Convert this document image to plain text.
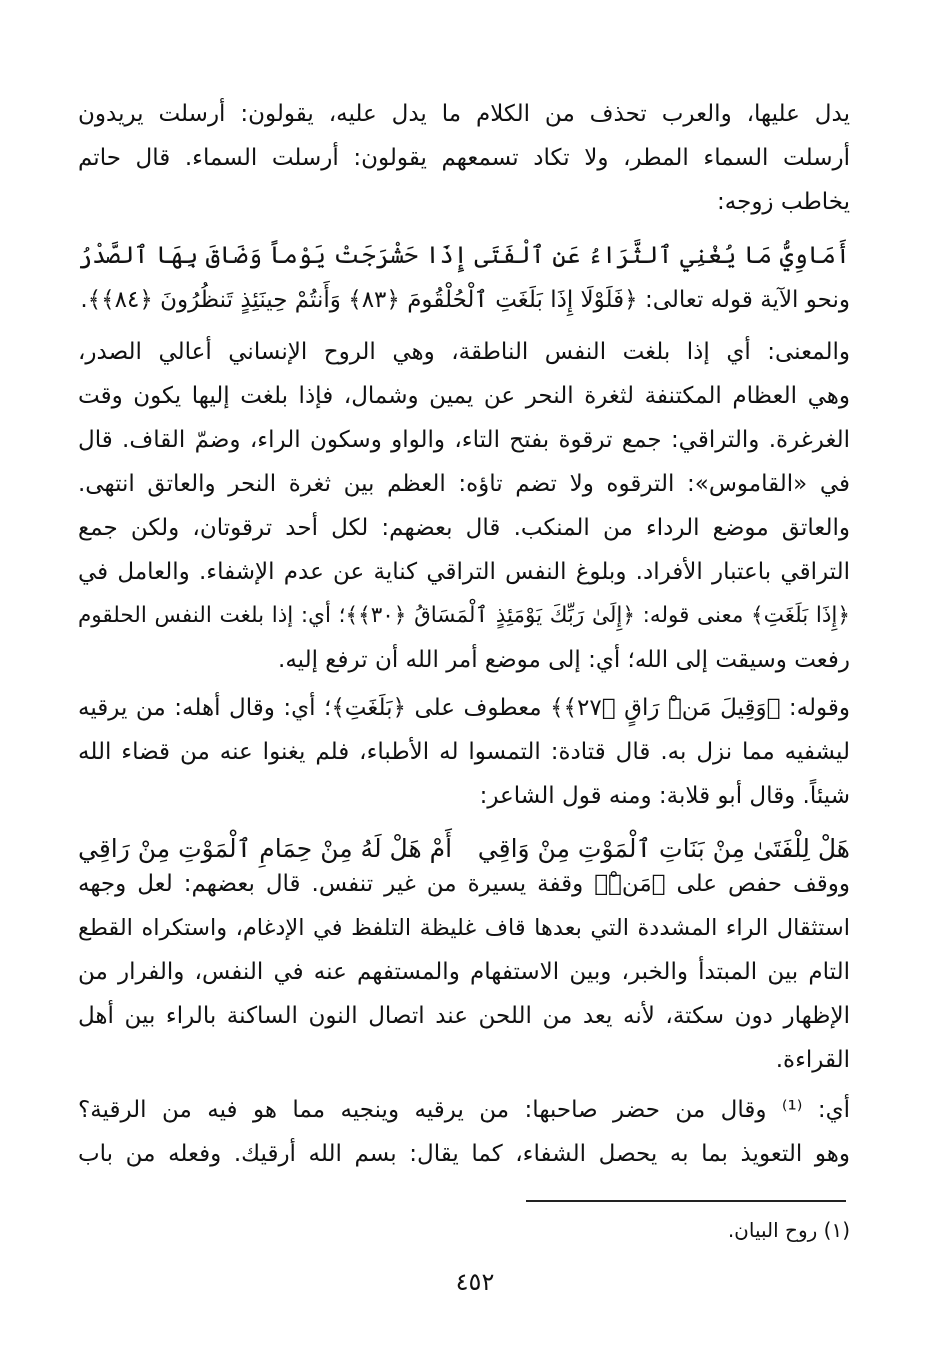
يدل عليها، والعرب تحذف من الكلام ما يدل عليه، يقولون: أرسلت يريدون
أرسلت السماء المطر، ولا تكاد تسمعهم يقولون: أرسلت السماء. قال حاتم
يخاطب زوجه:
أَمَاوِيُّ مَا يُغْنِي ٱلثَّرَاءُ عَنِ ٱلْفَتَى
إِذَا حَشْرَجَتْ يَوْماً وَضَاقَ بِهَا ٱلصَّدْرُ
ونحو الآية قوله تعالى: ﴿فَلَوْلَا إِذَا بَلَغَتِ ٱلْحُلْقُومَ ﴿٨٣﴾ وَأَنتُمْ حِينَئِذٍ تَنظُرُونَ ﴿٨٤﴾﴾.
والمعنى: أي إذا بلغت النفس الناطقة، وهي الروح الإنساني أعالي الصدر،
وهي العظام المكتنفة لثغرة النحر عن يمين وشمال، فإذا بلغت إليها يكون وقت
الغرغرة. والتراقي: جمع ترقوة بفتح التاء، والواو وسكون الراء، وضمّ القاف. قال
في «القاموس»: الترقوه ولا تضم تاؤه: العظم بين ثغرة النحر والعاتق انتهى.
والعاتق موضع الرداء من المنكب. قال بعضهم: لكل أحد ترقوتان، ولكن جمع
التراقي باعتبار الأفراد. وبلوغ النفس التراقي كناية عن عدم الإشفاء. والعامل في
﴿إِذَا بَلَغَتِ﴾ معنى قوله: ﴿إِلَىٰ رَبِّكَ يَوْمَئِذٍ ٱلْمَسَاقُ ﴿٣٠﴾﴾؛ أي: إذا بلغت النفس الحلقوم
رفعت وسيقت إلى الله؛ أي: إلى موضع أمر الله أن ترفع إليه.
وقوله: ﴿وَقِيلَ مَنْۜ رَاقٍ ﴿٢٧﴾﴾ معطوف على ﴿بَلَغَتِ﴾؛ أي: وقال أهله: من يرقيه
ليشفيه مما نزل به. قال قتادة: التمسوا له الأطباء، فلم يغنوا عنه من قضاء الله
شيئاً. وقال أبو قلابة: ومنه قول الشاعر:
هَلْ لِلْفَتَىٰ مِنْ بَنَاتِ ٱلْمَوْتِ مِنْ وَاقِي
أَمْ هَلْ لَهُ مِنْ حِمَامِ ٱلْمَوْتِ مِنْ رَاقِي
ووقف حفص على ﴿مَنْۜ﴾ وقفة يسيرة من غير تنفس. قال بعضهم: لعل وجهه
استثقال الراء المشددة التي بعدها قاف غليظة التلفظ في الإدغام، واستكراه القطع
التام بين المبتدأ والخبر، وبين الاستفهام والمستفهم عنه في النفس، والفرار من
الإظهار دون سكتة، لأنه يعد من اللحن عند اتصال النون الساكنة بالراء بين أهل
القراءة.
أي: ⁽¹⁾ وقال من حضر صاحبها: من يرقيه وينجيه مما هو فيه من الرقية؟
وهو التعويذ بما به يحصل الشفاء، كما يقال: بسم الله أرقيك. وفعله من باب
(١) روح البيان.
٤٥٢
